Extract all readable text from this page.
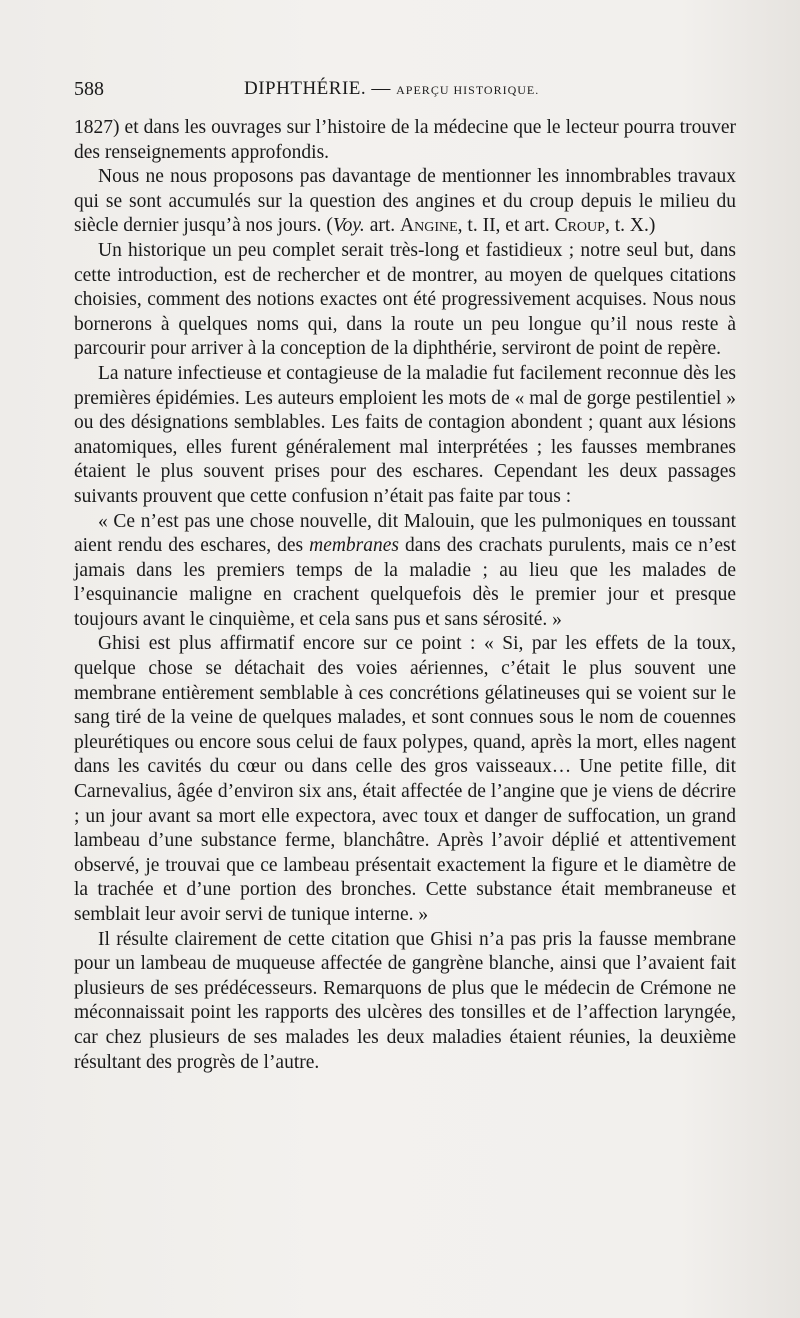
588	DIPHTHÉRIE. — APERÇU HISTORIQUE.

1827) et dans les ouvrages sur l’histoire de la médecine que le lecteur pourra trouver des renseignements approfondis.

Nous ne nous proposons pas davantage de mentionner les innombrables travaux qui se sont accumulés sur la question des angines et du croup depuis le milieu du siècle dernier jusqu’à nos jours. (Voy. art. Angine, t. II, et art. Croup, t. X.)

Un historique un peu complet serait très-long et fastidieux ; notre seul but, dans cette introduction, est de rechercher et de montrer, au moyen de quelques citations choisies, comment des notions exactes ont été progressivement acquises. Nous nous bornerons à quelques noms qui, dans la route un peu longue qu’il nous reste à parcourir pour arriver à la conception de la diphthérie, serviront de point de repère.

La nature infectieuse et contagieuse de la maladie fut facilement reconnue dès les premières épidémies. Les auteurs emploient les mots de « mal de gorge pestilentiel » ou des désignations semblables. Les faits de contagion abondent ; quant aux lésions anatomiques, elles furent généralement mal interprétées ; les fausses membranes étaient le plus souvent prises pour des eschares. Cependant les deux passages suivants prouvent que cette confusion n’était pas faite par tous :

« Ce n’est pas une chose nouvelle, dit Malouin, que les pulmoniques en toussant aient rendu des eschares, des membranes dans des crachats purulents, mais ce n’est jamais dans les premiers temps de la maladie ; au lieu que les malades de l’esquinancie maligne en crachent quelquefois dès le premier jour et presque toujours avant le cinquième, et cela sans pus et sans sérosité. »

Ghisi est plus affirmatif encore sur ce point : « Si, par les effets de la toux, quelque chose se détachait des voies aériennes, c’était le plus souvent une membrane entièrement semblable à ces concrétions gélatineuses qui se voient sur le sang tiré de la veine de quelques malades, et sont connues sous le nom de couennes pleurétiques ou encore sous celui de faux polypes, quand, après la mort, elles nagent dans les cavités du cœur ou dans celle des gros vaisseaux… Une petite fille, dit Carnevalius, âgée d’environ six ans, était affectée de l’angine que je viens de décrire ; un jour avant sa mort elle expectora, avec toux et danger de suffocation, un grand lambeau d’une substance ferme, blanchâtre. Après l’avoir déplié et attentivement observé, je trouvai que ce lambeau présentait exactement la figure et le diamètre de la trachée et d’une portion des bronches. Cette substance était membraneuse et semblait leur avoir servi de tunique interne. »

Il résulte clairement de cette citation que Ghisi n’a pas pris la fausse membrane pour un lambeau de muqueuse affectée de gangrène blanche, ainsi que l’avaient fait plusieurs de ses prédécesseurs. Remarquons de plus que le médecin de Crémone ne méconnaissait point les rapports des ulcères des tonsilles et de l’affection laryngée, car chez plusieurs de ses malades les deux maladies étaient réunies, la deuxième résultant des progrès de l’autre.
